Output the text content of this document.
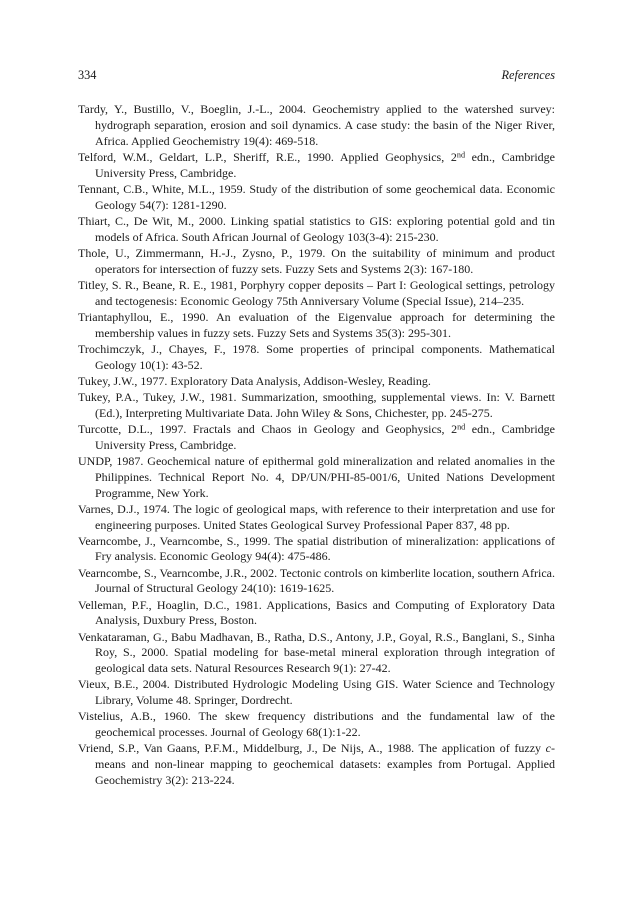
334	References

Tardy, Y., Bustillo, V., Boeglin, J.-L., 2004. Geochemistry applied to the watershed survey: hydrograph separation, erosion and soil dynamics. A case study: the basin of the Niger River, Africa. Applied Geochemistry 19(4): 469-518.

Telford, W.M., Geldart, L.P., Sheriff, R.E., 1990. Applied Geophysics, 2nd edn., Cambridge University Press, Cambridge.

Tennant, C.B., White, M.L., 1959. Study of the distribution of some geochemical data. Economic Geology 54(7): 1281-1290.

Thiart, C., De Wit, M., 2000. Linking spatial statistics to GIS: exploring potential gold and tin models of Africa. South African Journal of Geology 103(3-4): 215-230.

Thole, U., Zimmermann, H.-J., Zysno, P., 1979. On the suitability of minimum and product operators for intersection of fuzzy sets. Fuzzy Sets and Systems 2(3): 167-180.

Titley, S. R., Beane, R. E., 1981, Porphyry copper deposits – Part I: Geological settings, petrology and tectogenesis: Economic Geology 75th Anniversary Volume (Special Issue), 214–235.

Triantaphyllou, E., 1990. An evaluation of the Eigenvalue approach for determining the membership values in fuzzy sets. Fuzzy Sets and Systems 35(3): 295-301.

Trochimczyk, J., Chayes, F., 1978. Some properties of principal components. Mathematical Geology 10(1): 43-52.

Tukey, J.W., 1977. Exploratory Data Analysis, Addison-Wesley, Reading.

Tukey, P.A., Tukey, J.W., 1981. Summarization, smoothing, supplemental views. In: V. Barnett (Ed.), Interpreting Multivariate Data. John Wiley & Sons, Chichester, pp. 245-275.

Turcotte, D.L., 1997. Fractals and Chaos in Geology and Geophysics, 2nd edn., Cambridge University Press, Cambridge.

UNDP, 1987. Geochemical nature of epithermal gold mineralization and related anomalies in the Philippines. Technical Report No. 4, DP/UN/PHI-85-001/6, United Nations Development Programme, New York.

Varnes, D.J., 1974. The logic of geological maps, with reference to their interpretation and use for engineering purposes. United States Geological Survey Professional Paper 837, 48 pp.

Vearncombe, J., Vearncombe, S., 1999. The spatial distribution of mineralization: applications of Fry analysis. Economic Geology 94(4): 475-486.

Vearncombe, S., Vearncombe, J.R., 2002. Tectonic controls on kimberlite location, southern Africa. Journal of Structural Geology 24(10): 1619-1625.

Velleman, P.F., Hoaglin, D.C., 1981. Applications, Basics and Computing of Exploratory Data Analysis, Duxbury Press, Boston.

Venkataraman, G., Babu Madhavan, B., Ratha, D.S., Antony, J.P., Goyal, R.S., Banglani, S., Sinha Roy, S., 2000. Spatial modeling for base-metal mineral exploration through integration of geological data sets. Natural Resources Research 9(1): 27-42.

Vieux, B.E., 2004. Distributed Hydrologic Modeling Using GIS. Water Science and Technology Library, Volume 48. Springer, Dordrecht.

Vistelius, A.B., 1960. The skew frequency distributions and the fundamental law of the geochemical processes. Journal of Geology 68(1):1-22.

Vriend, S.P., Van Gaans, P.F.M., Middelburg, J., De Nijs, A., 1988. The application of fuzzy c-means and non-linear mapping to geochemical datasets: examples from Portugal. Applied Geochemistry 3(2): 213-224.
